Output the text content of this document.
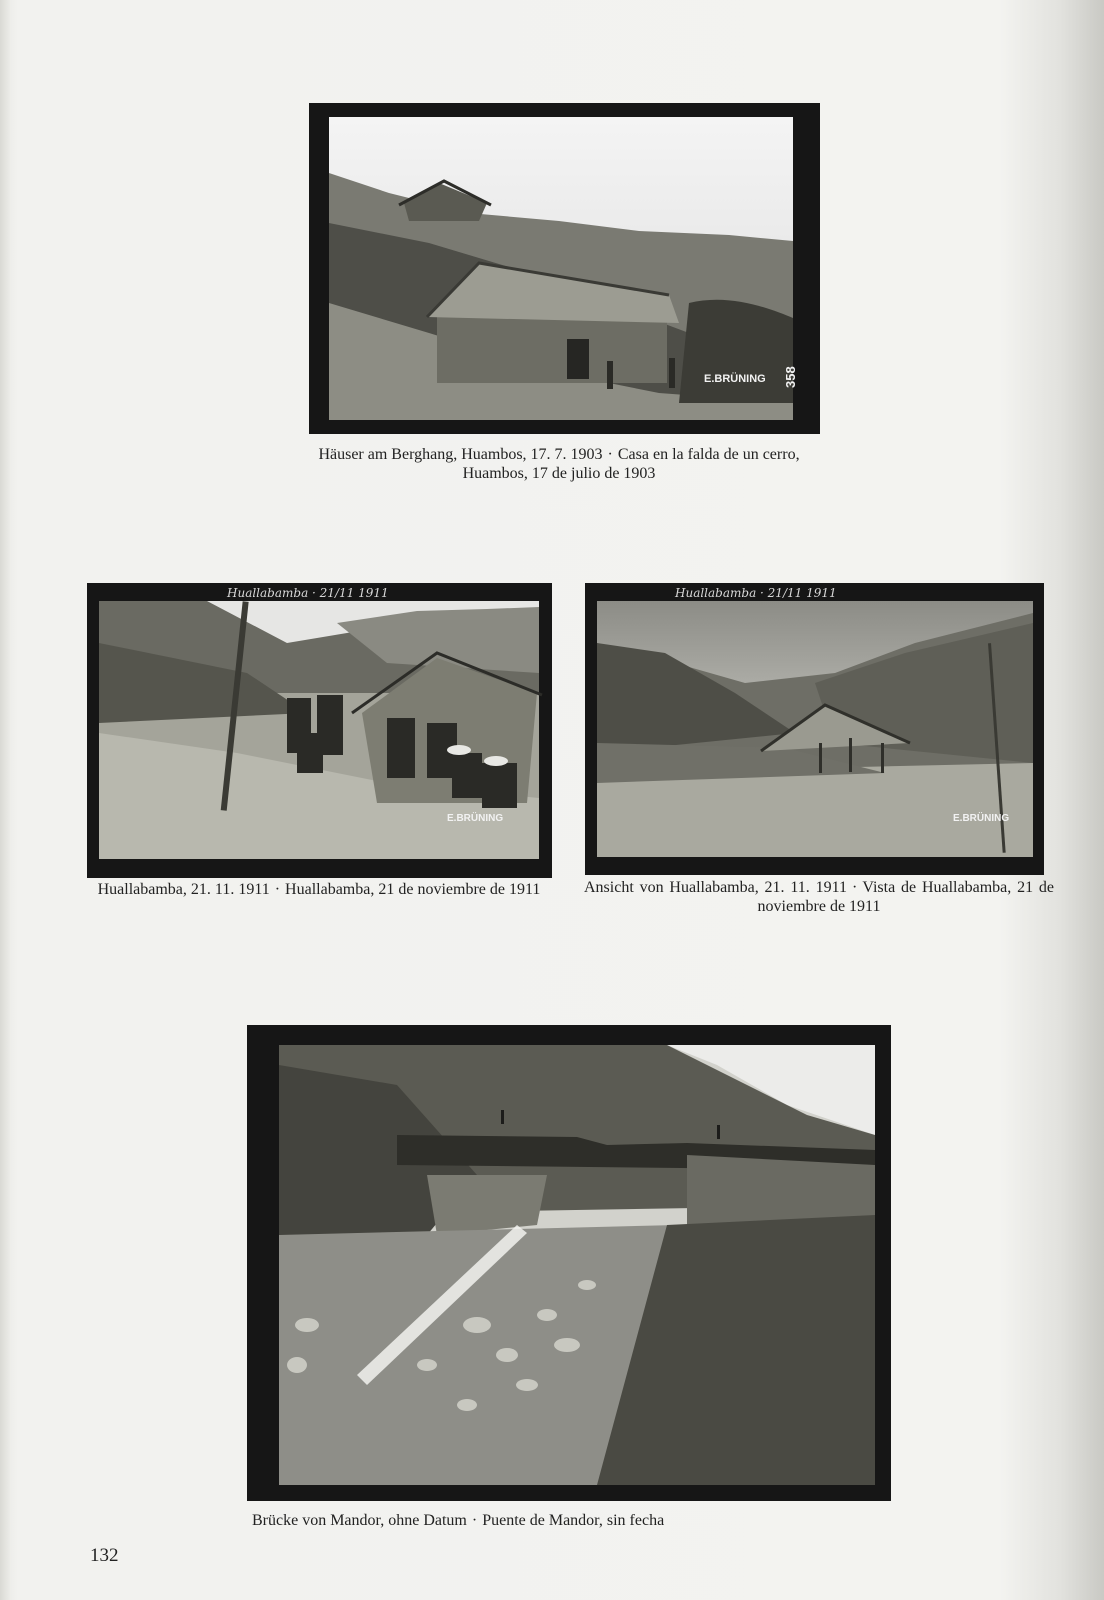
E.BRÜNING 358
Häuser am Berghang, Huambos, 17. 7. 1903 · Casa en la falda de un cerro, Huambos, 17 de julio de 1903
E.BRÜNING
Huallabamba · 21/11 1911
Huallabamba, 21. 11. 1911 · Huallabamba, 21 de noviembre de 1911
E.BRÜNING
Huallabamba · 21/11 1911
Ansicht von Huallabamba, 21. 11. 1911 · Vista de Huallabamba, 21 de noviembre de 1911
Brücke von Mandor, ohne Datum · Puente de Mandor, sin fecha
132
